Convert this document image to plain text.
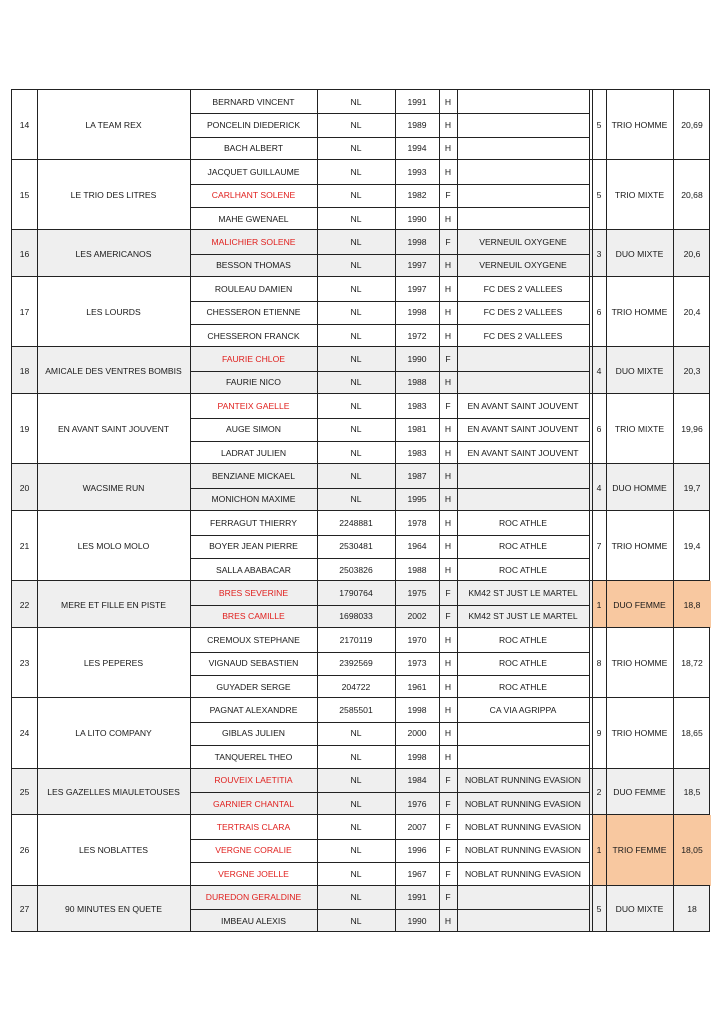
14	LA TEAM REX	5	TRIO HOMME	20,69
BERNARD VINCENT	NL	1991	H
PONCELIN DIEDERICK	NL	1989	H
BACH ALBERT	NL	1994	H
15	LE TRIO DES LITRES	5	TRIO MIXTE	20,68
JACQUET GUILLAUME	NL	1993	H
CARLHANT SOLENE	NL	1982	F
MAHE GWENAEL	NL	1990	H
16	LES AMERICANOS	3	DUO MIXTE	20,6
MALICHIER SOLENE	NL	1998	F	VERNEUIL OXYGENE
BESSON THOMAS	NL	1997	H	VERNEUIL OXYGENE
17	LES LOURDS	6	TRIO HOMME	20,4
ROULEAU DAMIEN	NL	1997	H	FC DES 2 VALLEES
CHESSERON ETIENNE	NL	1998	H	FC DES 2 VALLEES
CHESSERON FRANCK	NL	1972	H	FC DES 2 VALLEES
18	AMICALE DES VENTRES BOMBIS	4	DUO MIXTE	20,3
FAURIE CHLOE	NL	1990	F
FAURIE NICO	NL	1988	H
19	EN AVANT SAINT JOUVENT	6	TRIO MIXTE	19,96
PANTEIX GAELLE	NL	1983	F	EN AVANT SAINT JOUVENT
AUGE SIMON	NL	1981	H	EN AVANT SAINT JOUVENT
LADRAT JULIEN	NL	1983	H	EN AVANT SAINT JOUVENT
20	WACSIME RUN	4	DUO HOMME	19,7
BENZIANE MICKAEL	NL	1987	H
MONICHON MAXIME	NL	1995	H
21	LES MOLO MOLO	7	TRIO HOMME	19,4
FERRAGUT THIERRY	2248881	1978	H	ROC ATHLE
BOYER JEAN PIERRE	2530481	1964	H	ROC ATHLE
SALLA ABABACAR	2503826	1988	H	ROC ATHLE
22	MERE ET FILLE EN PISTE	1	DUO FEMME	18,8
BRES SEVERINE	1790764	1975	F	KM42 ST JUST LE MARTEL
BRES CAMILLE	1698033	2002	F	KM42 ST JUST LE MARTEL
23	LES PEPERES	8	TRIO HOMME	18,72
CREMOUX STEPHANE	2170119	1970	H	ROC ATHLE
VIGNAUD SEBASTIEN	2392569	1973	H	ROC ATHLE
GUYADER SERGE	204722	1961	H	ROC ATHLE
24	LA LITO COMPANY	9	TRIO HOMME	18,65
PAGNAT ALEXANDRE	2585501	1998	H	CA VIA AGRIPPA
GIBLAS JULIEN	NL	2000	H
TANQUEREL THEO	NL	1998	H
25	LES GAZELLES MIAULETOUSES	2	DUO FEMME	18,5
ROUVEIX LAETITIA	NL	1984	F	NOBLAT RUNNING EVASION
GARNIER CHANTAL	NL	1976	F	NOBLAT RUNNING EVASION
26	LES NOBLATTES	1	TRIO FEMME	18,05
TERTRAIS CLARA	NL	2007	F	NOBLAT RUNNING EVASION
VERGNE CORALIE	NL	1996	F	NOBLAT RUNNING EVASION
VERGNE JOELLE	NL	1967	F	NOBLAT RUNNING EVASION
27	90 MINUTES EN QUETE	5	DUO MIXTE	18
DUREDON GERALDINE	NL	1991	F
IMBEAU ALEXIS	NL	1990	H
